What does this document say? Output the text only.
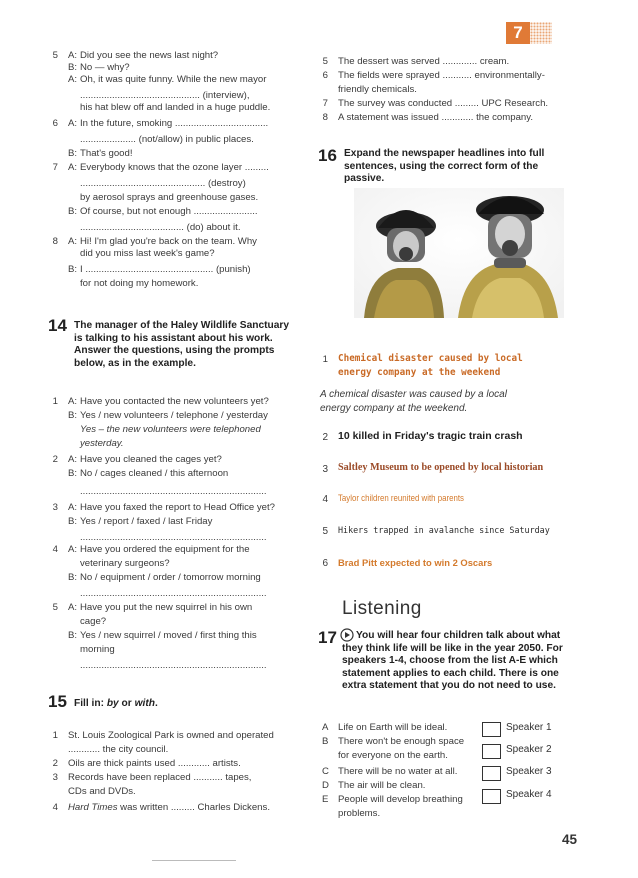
7
5 A: Did you see the news last night?
B: No — why?
A: Oh, it was quite funny. While the new mayor
............................................. (interview),
his hat blew off and landed in a huge puddle.
6 A: In the future, smoking ...................................
..................... (not/allow) in public places.
B: That's good!
7 A: Everybody knows that the ozone layer .........
............................................... (destroy)
by aerosol sprays and greenhouse gases.
B: Of course, but not enough ........................
....................................... (do) about it.
8 A: Hi! I'm glad you're back on the team. Why
did you miss last week's game?
B: I ................................................ (punish)
for not doing my homework.
14 The manager of the Haley Wildlife Sanctuary
is talking to his assistant about his work.
Answer the questions, using the prompts
below, as in the example.
1 A: Have you contacted the new volunteers yet?
B: Yes / new volunteers / telephone / yesterday
Yes – the new volunteers were telephoned
yesterday.
2 A: Have you cleaned the cages yet?
B: No / cages cleaned / this afternoon
......................................................................
3 A: Have you faxed the report to Head Office yet?
B: Yes / report / faxed / last Friday
......................................................................
4 A: Have you ordered the equipment for the
veterinary surgeons?
B: No / equipment / order / tomorrow morning
......................................................................
5 A: Have you put the new squirrel in his own
cage?
B: Yes / new squirrel / moved / first thing this
morning
......................................................................
15 Fill in: by or with.
1 St. Louis Zoological Park is owned and operated
............ the city council.
2 Oils are thick paints used ............ artists.
3 Records have been replaced ........... tapes,
CDs and DVDs.
4 Hard Times was written ......... Charles Dickens.
5 The dessert was served ............. cream.
6 The fields were sprayed ........... environmentally-
friendly chemicals.
7 The survey was conducted ......... UPC Research.
8 A statement was issued ............ the company.
16 Expand the newspaper headlines into full
sentences, using the correct form of the
passive.
1 Chemical disaster caused by local
energy company at the weekend
A chemical disaster was caused by a local
energy company at the weekend.
2 10 killed in Friday's tragic train crash
3 Saltley Museum to be opened by local historian
4 Taylor children reunited with parents
5 Hikers trapped in avalanche since Saturday
6 Brad Pitt expected to win 2 Oscars
Listening
17	You will hear four children talk about what
they think life will be like in the year 2050. For
speakers 1-4, choose from the list A-E which
statement applies to each child. There is one
extra statement that you do not need to use.
A Life on Earth will be ideal.
B There won't be enough space
for everyone on the earth.
C There will be no water at all.
D The air will be clean.
E People will develop breathing
problems.
Speaker 1
Speaker 2
Speaker 3
Speaker 4
45
